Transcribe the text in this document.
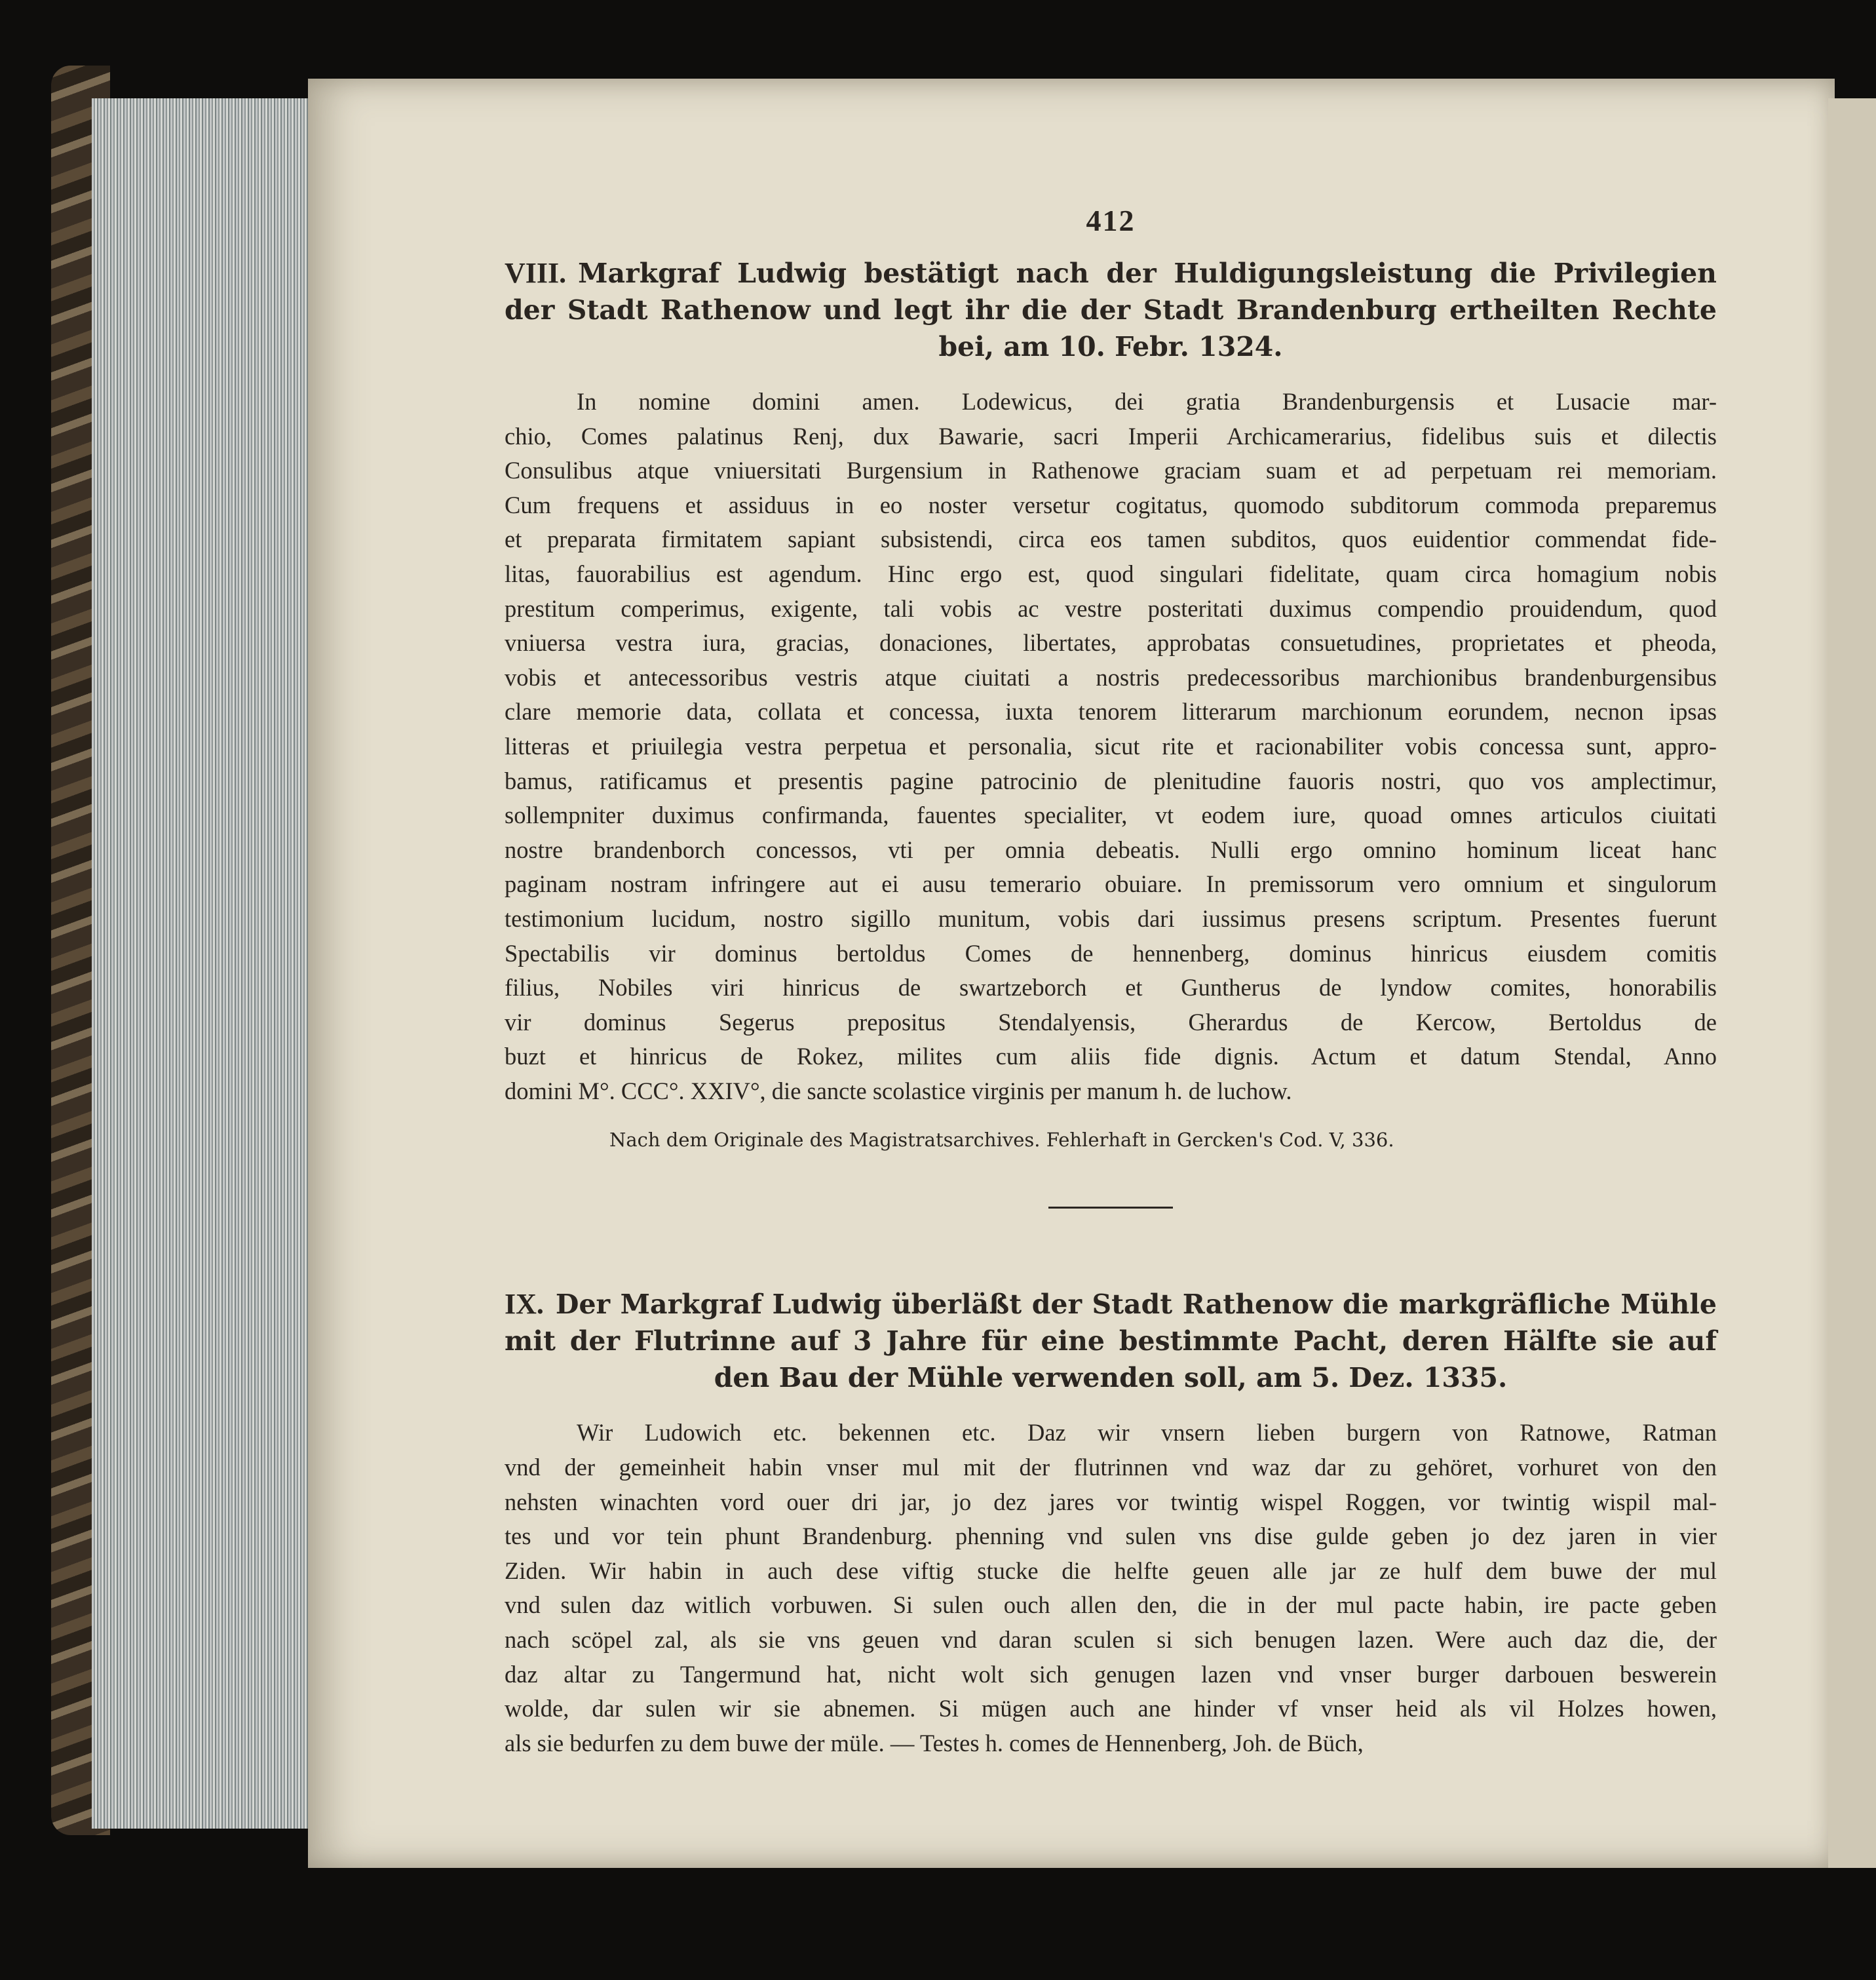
412
VIII. Markgraf Ludwig bestätigt nach der Huldigungsleistung die Privilegien der Stadt Rathenow und legt ihr die der Stadt Brandenburg ertheilten Rechte bei, am 10. Febr. 1324.
In nomine domini amen. Lodewicus, dei gratia Brandenburgensis et Lusacie mar-
chio, Comes palatinus Renj, dux Bawarie, sacri Imperii Archicamerarius, fidelibus suis et dilectis
Consulibus atque vniuersitati Burgensium in Rathenowe graciam suam et ad perpetuam rei memoriam.
Cum frequens et assiduus in eo noster versetur cogitatus, quomodo subditorum commoda preparemus
et preparata firmitatem sapiant subsistendi, circa eos tamen subditos, quos euidentior commendat fide-
litas, fauorabilius est agendum. Hinc ergo est, quod singulari fidelitate, quam circa homagium nobis
prestitum comperimus, exigente, tali vobis ac vestre posteritati duximus compendio prouidendum, quod
vniuersa vestra iura, gracias, donaciones, libertates, approbatas consuetudines, proprietates et pheoda,
vobis et antecessoribus vestris atque ciuitati a nostris predecessoribus marchionibus brandenburgensibus
clare memorie data, collata et concessa, iuxta tenorem litterarum marchionum eorundem, necnon ipsas
litteras et priuilegia vestra perpetua et personalia, sicut rite et racionabiliter vobis concessa sunt, appro-
bamus, ratificamus et presentis pagine patrocinio de plenitudine fauoris nostri, quo vos amplectimur,
sollempniter duximus confirmanda, fauentes specialiter, vt eodem iure, quoad omnes articulos ciuitati
nostre brandenborch concessos, vti per omnia debeatis. Nulli ergo omnino hominum liceat hanc
paginam nostram infringere aut ei ausu temerario obuiare. In premissorum vero omnium et singulorum
testimonium lucidum, nostro sigillo munitum, vobis dari iussimus presens scriptum. Presentes fuerunt
Spectabilis vir dominus bertoldus Comes de hennenberg, dominus hinricus eiusdem comitis
filius, Nobiles viri hinricus de swartzeborch et Guntherus de lyndow comites, honorabilis
vir dominus Segerus prepositus Stendalyensis, Gherardus de Kercow, Bertoldus de
buzt et hinricus de Rokez, milites cum aliis fide dignis. Actum et datum Stendal, Anno
domini M°. CCC°. XXIV°, die sancte scolastice virginis per manum h. de luchow.
Nach dem Originale des Magistratsarchives. Fehlerhaft in Gercken's Cod. V, 336.
IX. Der Markgraf Ludwig überläßt der Stadt Rathenow die markgräfliche Mühle mit der Flutrinne auf 3 Jahre für eine bestimmte Pacht, deren Hälfte sie auf den Bau der Mühle verwenden soll, am 5. Dez. 1335.
Wir Ludowich etc. bekennen etc. Daz wir vnsern lieben burgern von Ratnowe, Ratman
vnd der gemeinheit habin vnser mul mit der flutrinnen vnd waz dar zu gehöret, vorhuret von den
nehsten winachten vord ouer dri jar, jo dez jares vor twintig wispel Roggen, vor twintig wispil mal-
tes und vor tein phunt Brandenburg. phenning vnd sulen vns dise gulde geben jo dez jaren in vier
Ziden. Wir habin in auch dese viftig stucke die helfte geuen alle jar ze hulf dem buwe der mul
vnd sulen daz witlich vorbuwen. Si sulen ouch allen den, die in der mul pacte habin, ire pacte geben
nach scöpel zal, als sie vns geuen vnd daran sculen si sich benugen lazen. Were auch daz die, der
daz altar zu Tangermund hat, nicht wolt sich genugen lazen vnd vnser burger darbouen beswerein
wolde, dar sulen wir sie abnemen. Si mügen auch ane hinder vf vnser heid als vil Holzes howen,
als sie bedurfen zu dem buwe der müle. — Testes h. comes de Hennenberg, Joh. de Büch,
